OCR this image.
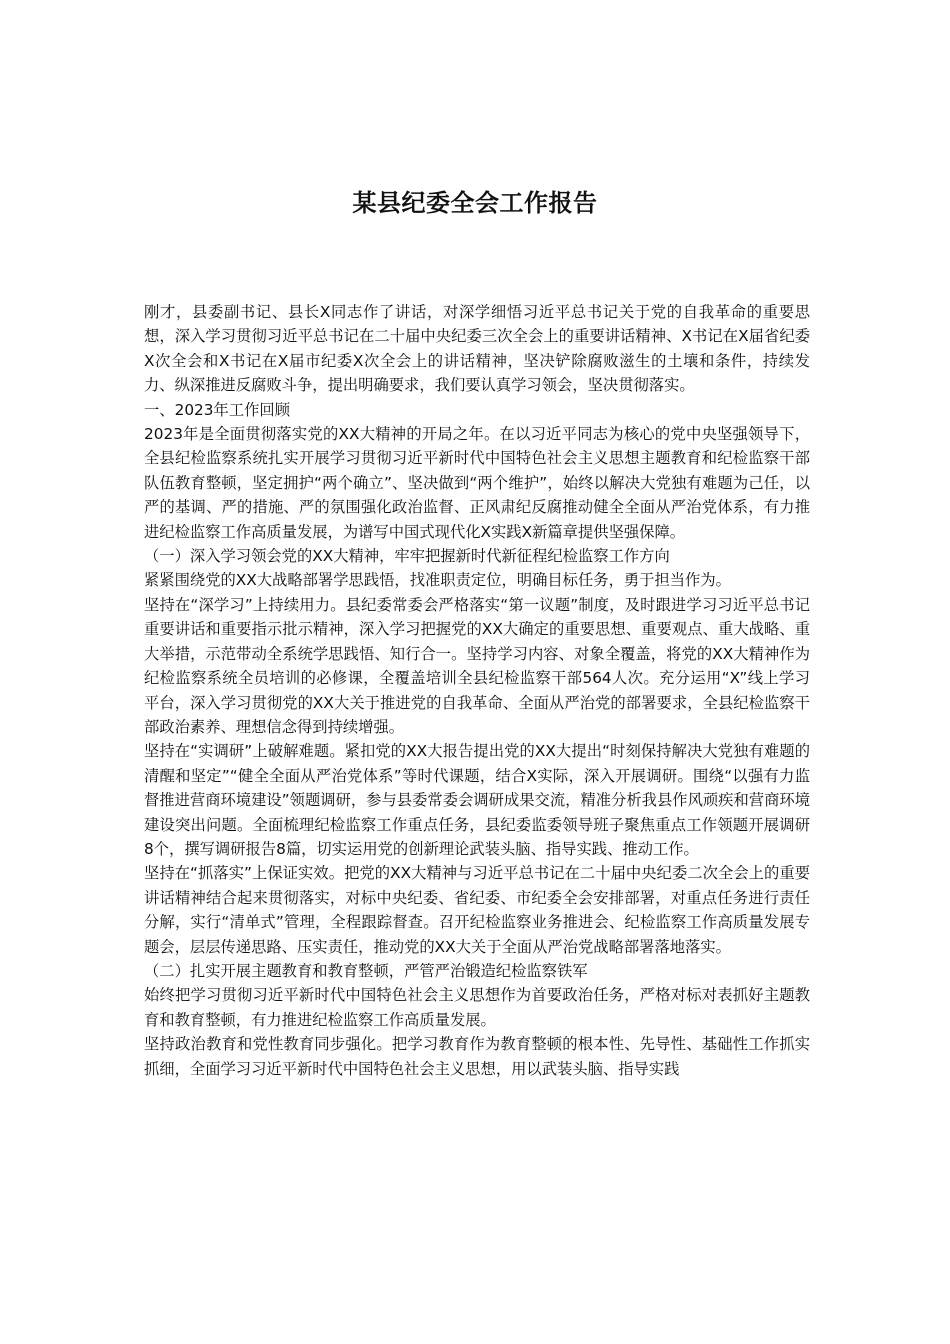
某县纪委全会工作报告

刚才，县委副书记、县长X同志作了讲话，对深学细悟习近平总书记关于党的自我革命的重要思想，深入学习贯彻习近平总书记在二十届中央纪委三次全会上的重要讲话精神、X书记在X届省纪委X次全会和X书记在X届市纪委X次全会上的讲话精神，坚决铲除腐败滋生的土壤和条件，持续发力、纵深推进反腐败斗争，提出明确要求，我们要认真学习领会，坚决贯彻落实。

一、2023年工作回顾

2023年是全面贯彻落实党的XX大精神的开局之年。在以习近平同志为核心的党中央坚强领导下，全县纪检监察系统扎实开展学习贯彻习近平新时代中国特色社会主义思想主题教育和纪检监察干部队伍教育整顿，坚定拥护“两个确立”、坚决做到“两个维护”，始终以解决大党独有难题为己任，以严的基调、严的措施、严的氛围强化政治监督、正风肃纪反腐推动健全全面从严治党体系，有力推进纪检监察工作高质量发展，为谱写中国式现代化X实践X新篇章提供坚强保障。

（一）深入学习领会党的XX大精神，牢牢把握新时代新征程纪检监察工作方向

紧紧围绕党的XX大战略部署学思践悟，找准职责定位，明确目标任务，勇于担当作为。

坚持在“深学习”上持续用力。县纪委常委会严格落实“第一议题”制度，及时跟进学习习近平总书记重要讲话和重要指示批示精神，深入学习把握党的XX大确定的重要思想、重要观点、重大战略、重大举措，示范带动全系统学思践悟、知行合一。坚持学习内容、对象全覆盖，将党的XX大精神作为纪检监察系统全员培训的必修课，全覆盖培训全县纪检监察干部564人次。充分运用“X”线上学习平台，深入学习贯彻党的XX大关于推进党的自我革命、全面从严治党的部署要求，全县纪检监察干部政治素养、理想信念得到持续增强。

坚持在“实调研”上破解难题。紧扣党的XX大报告提出党的XX大提出“时刻保持解决大党独有难题的清醒和坚定”“健全全面从严治党体系”等时代课题，结合X实际，深入开展调研。围绕“以强有力监督推进营商环境建设”领题调研，参与县委常委会调研成果交流，精准分析我县作风顽疾和营商环境建设突出问题。全面梳理纪检监察工作重点任务，县纪委监委领导班子聚焦重点工作领题开展调研8个，撰写调研报告8篇，切实运用党的创新理论武装头脑、指导实践、推动工作。

坚持在“抓落实”上保证实效。把党的XX大精神与习近平总书记在二十届中央纪委二次全会上的重要讲话精神结合起来贯彻落实，对标中央纪委、省纪委、市纪委全会安排部署，对重点任务进行责任分解，实行“清单式”管理，全程跟踪督查。召开纪检监察业务推进会、纪检监察工作高质量发展专题会，层层传递思路、压实责任，推动党的XX大关于全面从严治党战略部署落地落实。

（二）扎实开展主题教育和教育整顿，严管严治锻造纪检监察铁军

始终把学习贯彻习近平新时代中国特色社会主义思想作为首要政治任务，严格对标对表抓好主题教育和教育整顿，有力推进纪检监察工作高质量发展。

坚持政治教育和党性教育同步强化。把学习教育作为教育整顿的根本性、先导性、基础性工作抓实抓细，全面学习习近平新时代中国特色社会主义思想，用以武装头脑、指导实践
